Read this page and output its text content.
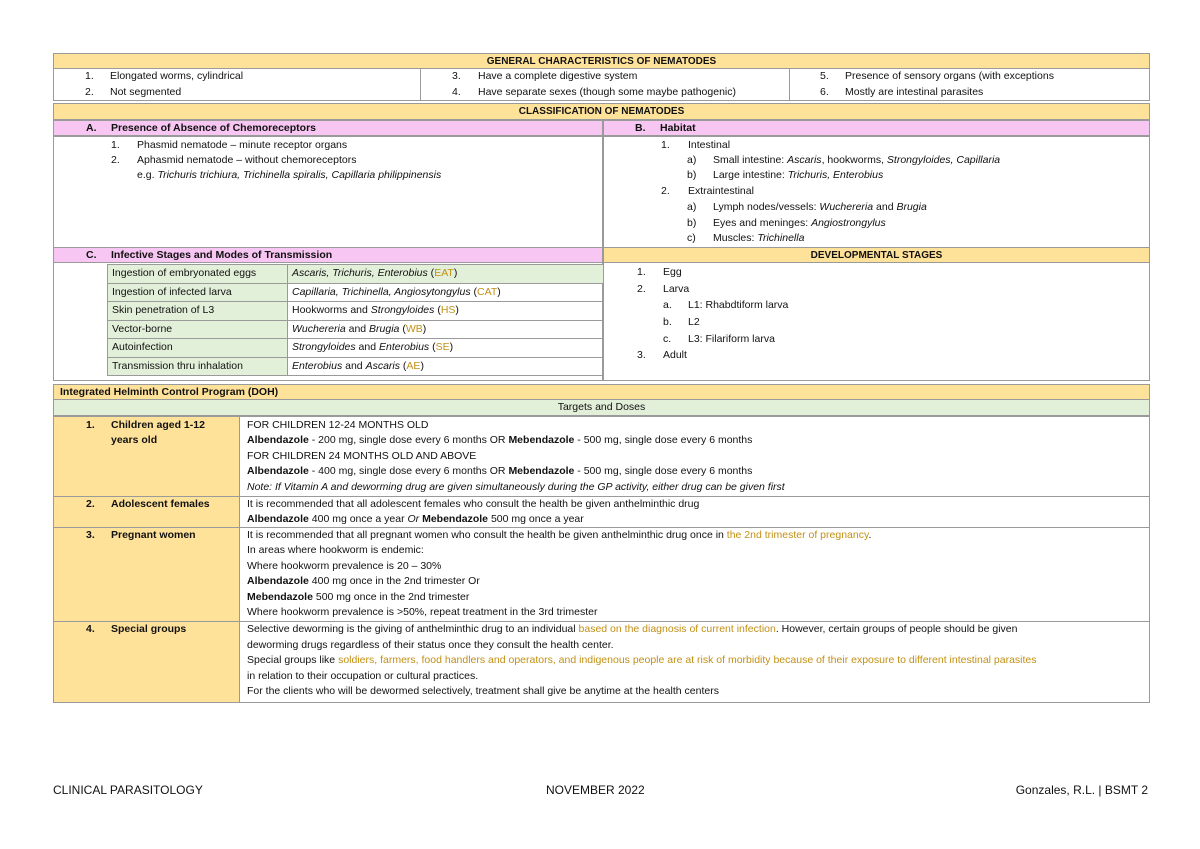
GENERAL CHARACTERISTICS OF NEMATODES
1. Elongated worms, cylindrical
2. Not segmented
3. Have a complete digestive system
4. Have separate sexes (though some maybe pathogenic)
5. Presence of sensory organs (with exceptions
6. Mostly are intestinal parasites
CLASSIFICATION OF NEMATODES
A. Presence of Absence of Chemoreceptors	B. Habitat
1. Phasmid nematode – minute receptor organs
2. Aphasmid nematode – without chemoreceptors
e.g. Trichuris trichiura, Trichinella spiralis, Capillaria philippinensis
1. Intestinal
a) Small intestine: Ascaris, hookworms, Strongyloides, Capillaria
b) Large intestine: Trichuris, Enterobius
2. Extraintestinal
a) Lymph nodes/vessels: Wuchereria and Brugia
b) Eyes and meninges: Angiostrongylus
c) Muscles: Trichinella
C. Infective Stages and Modes of Transmission	DEVELOPMENTAL STAGES
Ingestion of embryonated eggs	Ascaris, Trichuris, Enterobius (EAT)
Ingestion of infected larva	Capillaria, Trichinella, Angiosytongylus (CAT)
Skin penetration of L3	Hookworms and Strongyloides (HS)
Vector-borne	Wuchereria and Brugia (WB)
Autoinfection	Strongyloides and Enterobius (SE)
Transmission thru inhalation	Enterobius and Ascaris (AE)
1. Egg
2. Larva
a. L1: Rhabdtiform larva
b. L2
c. L3: Filariform larva
3. Adult
Integrated Helminth Control Program (DOH)
Targets and Doses
1. Children aged 1-12
years old
FOR CHILDREN 12-24 MONTHS OLD
Albendazole - 200 mg, single dose every 6 months OR Mebendazole - 500 mg, single dose every 6 months
FOR CHILDREN 24 MONTHS OLD AND ABOVE
Albendazole - 400 mg, single dose every 6 months OR Mebendazole - 500 mg, single dose every 6 months
Note: If Vitamin A and deworming drug are given simultaneously during the GP activity, either drug can be given first
2. Adolescent females	It is recommended that all adolescent females who consult the health be given anthelminthic drug
Albendazole 400 mg once a year Or Mebendazole 500 mg once a year
3. Pregnant women	It is recommended that all pregnant women who consult the health be given anthelminthic drug once in the 2nd trimester of pregnancy.
In areas where hookworm is endemic:
Where hookworm prevalence is 20 – 30%
Albendazole 400 mg once in the 2nd trimester Or
Mebendazole 500 mg once in the 2nd trimester
Where hookworm prevalence is >50%, repeat treatment in the 3rd trimester
4. Special groups	Selective deworming is the giving of anthelminthic drug to an individual based on the diagnosis of current infection. However, certain groups of people should be given
deworming drugs regardless of their status once they consult the health center.
Special groups like soldiers, farmers, food handlers and operators, and indigenous people are at risk of morbidity because of their exposure to different intestinal parasites
in relation to their occupation or cultural practices.
For the clients who will be dewormed selectively, treatment shall give be anytime at the health centers
CLINICAL PARASITOLOGY	NOVEMBER 2022	Gonzales, R.L. | BSMT 2
